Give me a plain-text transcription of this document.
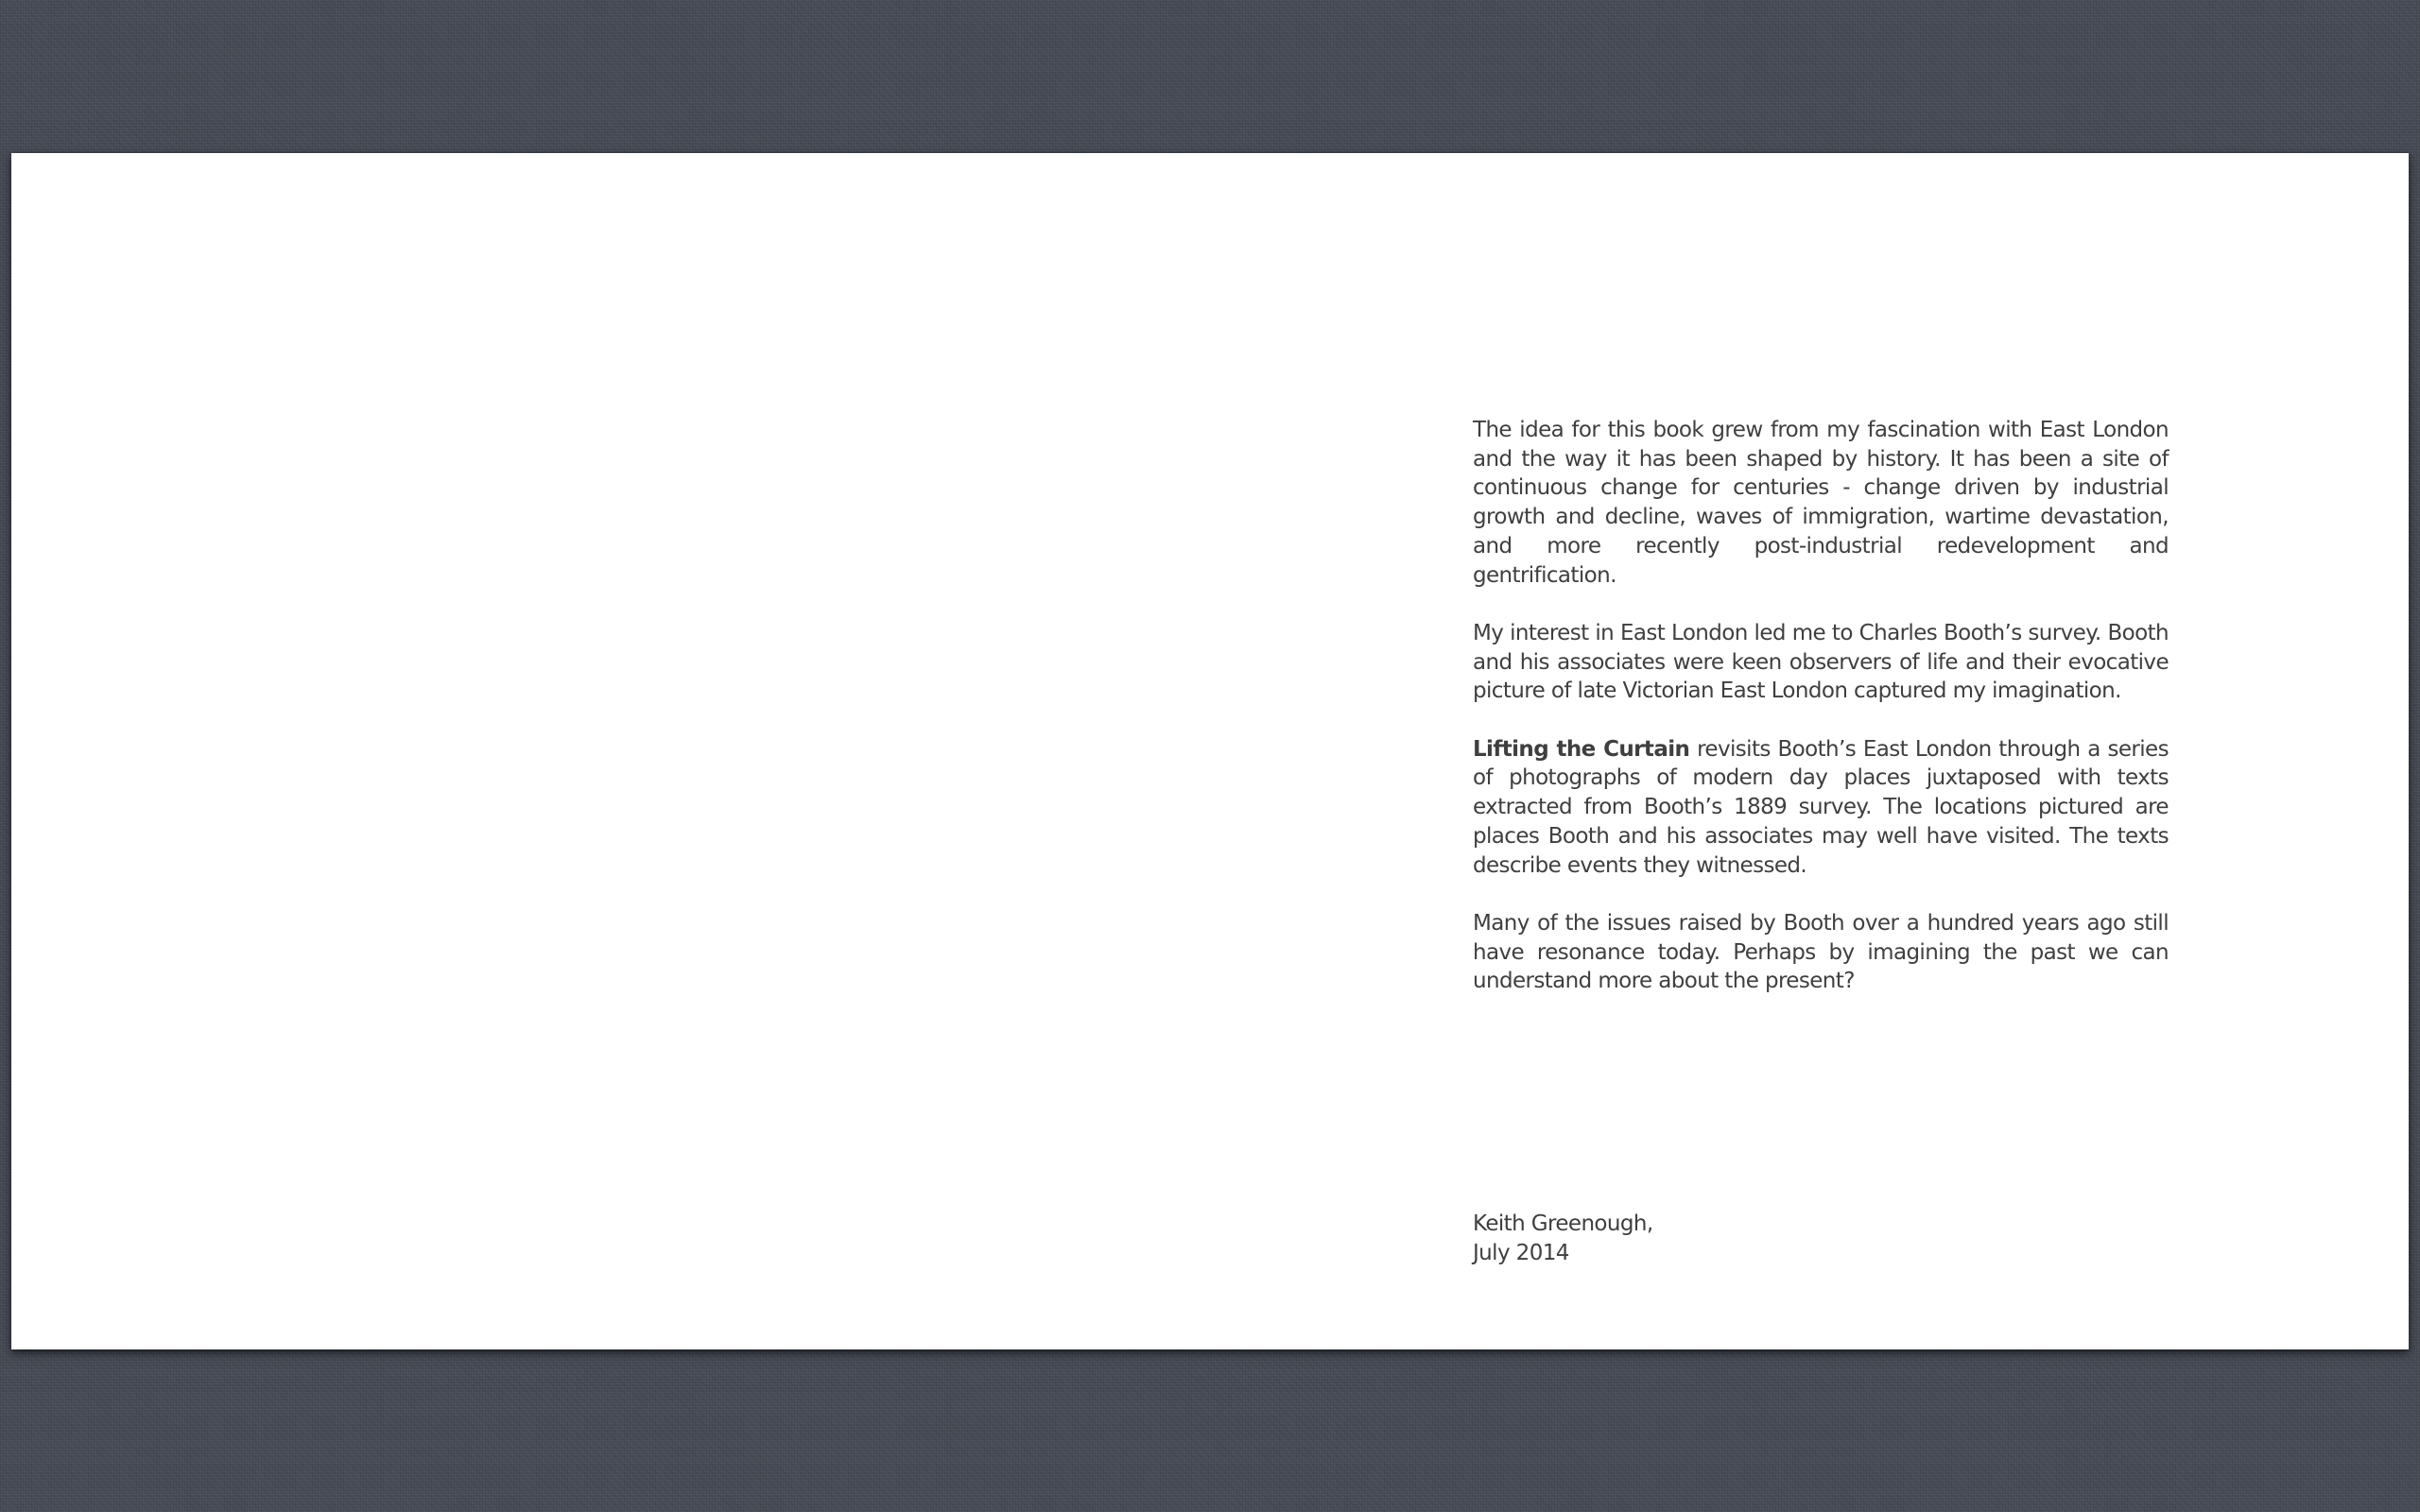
The idea for this book grew from my fascination with East London and the way it has been shaped by history. It has been a site of continuous change for centuries - change driven by industrial growth and decline, waves of immigration, wartime devastation, and more recently post-industrial redevelopment and gentrification.

My interest in East London led me to Charles Booth’s survey. Booth and his associates were keen observers of life and their evocative picture of late Victorian East London captured my imagination.

Lifting the Curtain revisits Booth’s East London through a series of photographs of modern day places juxtaposed with texts extracted from Booth’s 1889 survey. The locations pictured are places Booth and his associates may well have visited. The texts describe events they witnessed.

Many of the issues raised by Booth over a hundred years ago still have resonance today. Perhaps by imagining the past we can understand more about the present?

Keith Greenough,
July 2014
